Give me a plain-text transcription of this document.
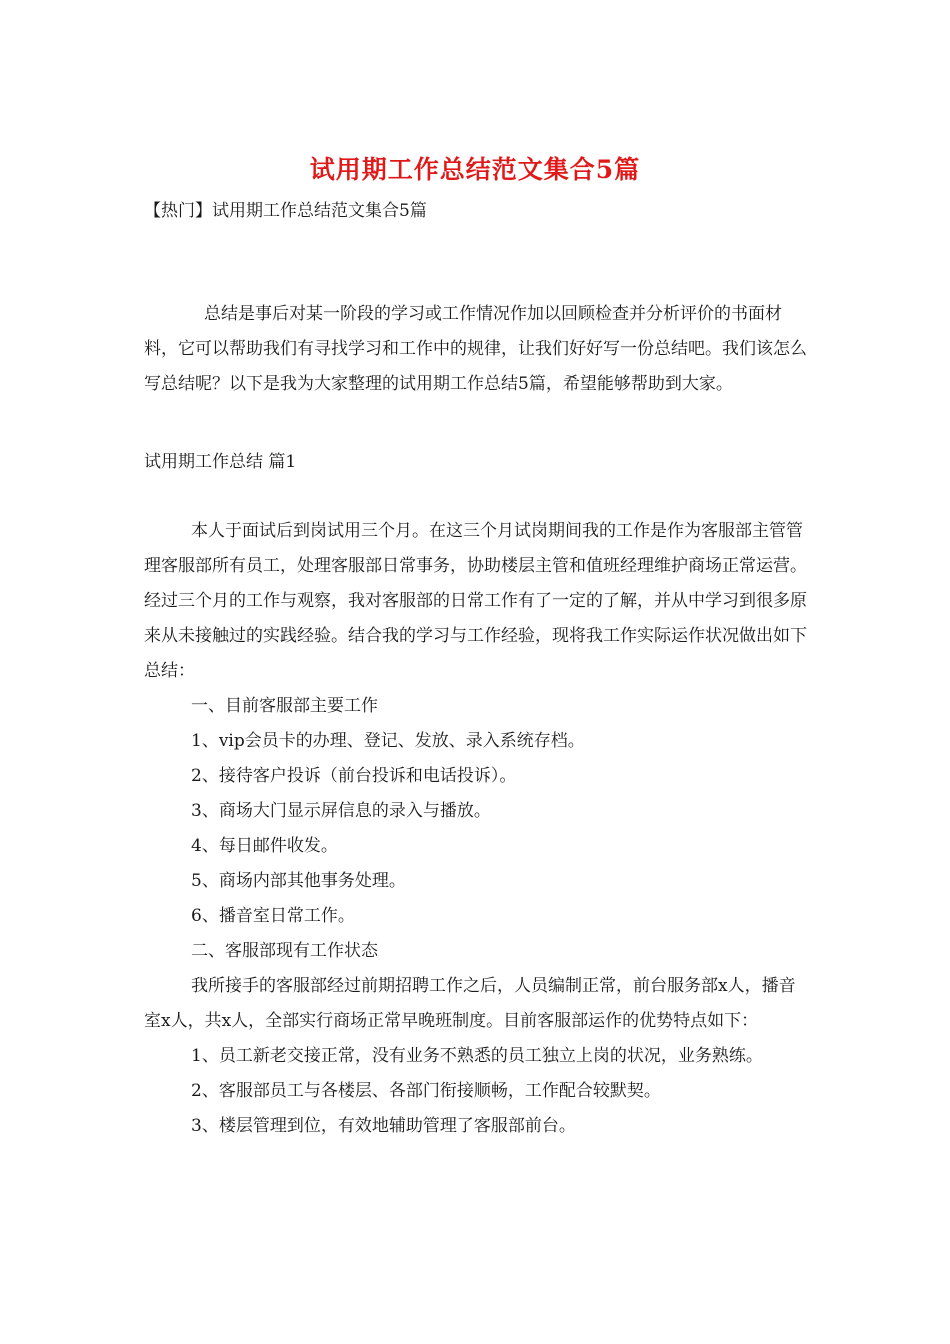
试用期工作总结范文集合5篇
【热门】试用期工作总结范文集合5篇

总结是事后对某一阶段的学习或工作情况作加以回顾检查并分析评价的书面材料，它可以帮助我们有寻找学习和工作中的规律，让我们好好写一份总结吧。我们该怎么写总结呢？以下是我为大家整理的试用期工作总结5篇，希望能够帮助到大家。

试用期工作总结 篇1

本人于面试后到岗试用三个月。在这三个月试岗期间我的工作是作为客服部主管管理客服部所有员工，处理客服部日常事务，协助楼层主管和值班经理维护商场正常运营。经过三个月的工作与观察，我对客服部的日常工作有了一定的了解，并从中学习到很多原来从未接触过的实践经验。结合我的学习与工作经验，现将我工作实际运作状况做出如下总结：

一、目前客服部主要工作

1、vip会员卡的办理、登记、发放、录入系统存档。

2、接待客户投诉（前台投诉和电话投诉）。

3、商场大门显示屏信息的录入与播放。

4、每日邮件收发。

5、商场内部其他事务处理。

6、播音室日常工作。

二、客服部现有工作状态

我所接手的客服部经过前期招聘工作之后，人员编制正常，前台服务部x人，播音室x人，共x人，全部实行商场正常早晚班制度。目前客服部运作的优势特点如下：

1、员工新老交接正常，没有业务不熟悉的员工独立上岗的状况，业务熟练。

2、客服部员工与各楼层、各部门衔接顺畅，工作配合较默契。

3、楼层管理到位，有效地辅助管理了客服部前台。
